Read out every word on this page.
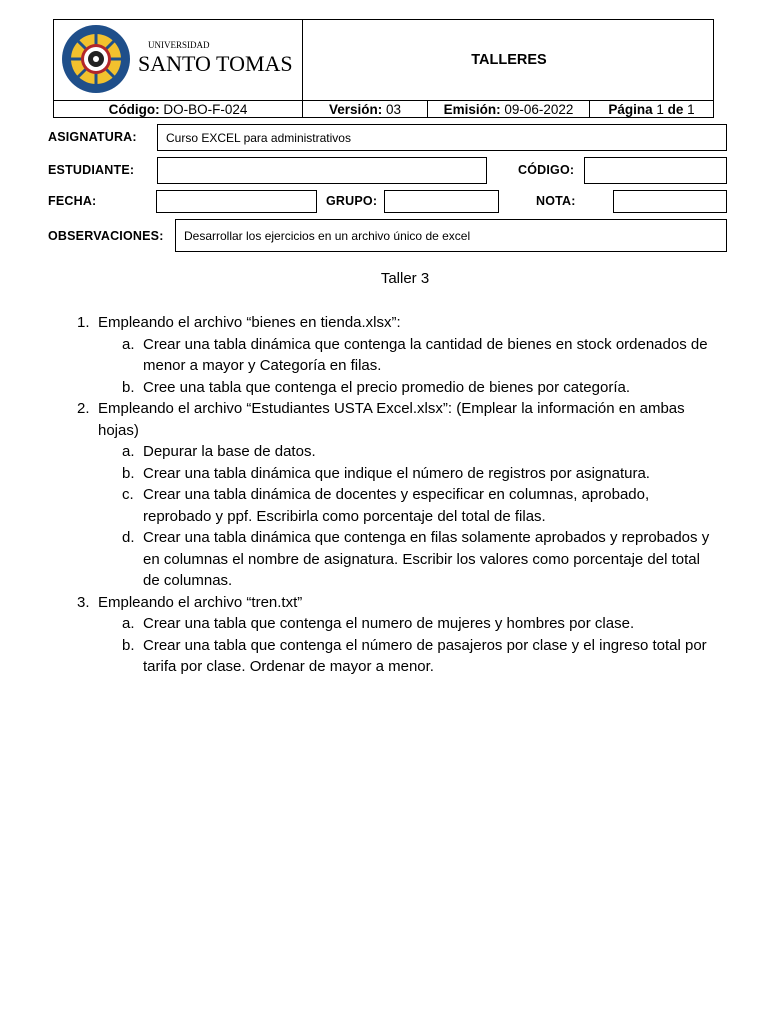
UNIVERSIDAD
SANTO TOMAS	TALLERES
Código: DO-BO-F-024	Versión: 03	Emisión: 09-06-2022	Página 1 de 1
ASIGNATURA:	Curso EXCEL para administrativos
ESTUDIANTE:	CÓDIGO:
FECHA:	GRUPO:	NOTA:
OBSERVACIONES:	Desarrollar los ejercicios en un archivo único de excel
Taller 3
1. Empleando el archivo “bienes en tienda.xlsx”:
a. Crear una tabla dinámica que contenga la cantidad de bienes en stock ordenados de menor a mayor y Categoría en filas.
b. Cree una tabla que contenga el precio promedio de bienes por categoría.
2. Empleando el archivo “Estudiantes USTA Excel.xlsx”: (Emplear la información en ambas hojas)
a. Depurar la base de datos.
b. Crear una tabla dinámica que indique el número de registros por asignatura.
c. Crear una tabla dinámica de docentes y especificar en columnas, aprobado, reprobado y ppf. Escribirla como porcentaje del total de filas.
d. Crear una tabla dinámica que contenga en filas solamente aprobados y reprobados y en columnas el nombre de asignatura. Escribir los valores como porcentaje del total de columnas.
3. Empleando el archivo “tren.txt”
a. Crear una tabla que contenga el numero de mujeres y hombres por clase.
b. Crear una tabla que contenga el número de pasajeros por clase y el ingreso total por tarifa por clase. Ordenar de mayor a menor.
